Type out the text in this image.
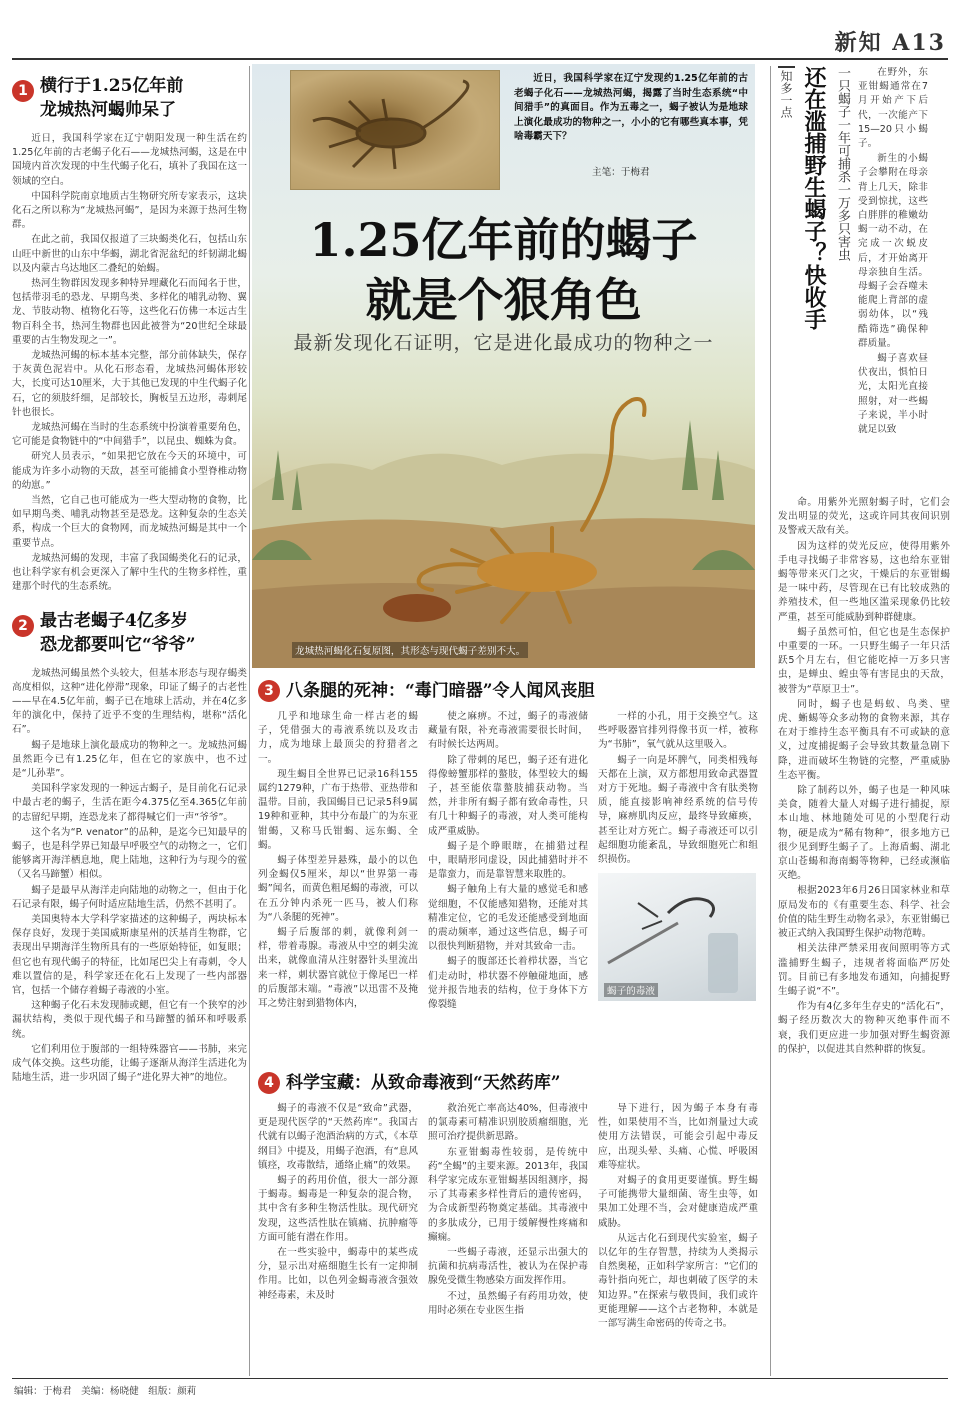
新知 A13
1 横行于1.25亿年前
龙城热河蝎帅呆了

近日，我国科学家在辽宁朝阳发现一种生活在约1.25亿年前的古老蝎子化石——龙城热河蝎，这是在中国境内首次发现的中生代蝎子化石，填补了我国在这一领域的空白。

中国科学院南京地质古生物研究所专家表示，这块化石之所以称为“龙城热河蝎”，是因为来源于热河生物群。

在此之前，我国仅报道了三块蝎类化石，包括山东山旺中新世的山东中华蝎，湖北省泥盆纪的纤韧湖北蝎以及内蒙古乌达地区二叠纪的始蝎。

热河生物群因发现多种特异埋藏化石而闻名于世，包括带羽毛的恐龙、早期鸟类、多样化的哺乳动物、翼龙、节肢动物、植物化石等，这些化石仿佛一本远古生物百科全书，热河生物群也因此被誉为“20世纪全球最重要的古生物发现之一”。

龙城热河蝎的标本基本完整，部分前体缺失，保存于灰黄色泥岩中。从化石形态看，龙城热河蝎体形较大，长度可达10厘米，大于其他已发现的中生代蝎子化石，它的须肢纤细，足部较长，胸板呈五边形，毒刺尾针也很长。

龙城热河蝎在当时的生态系统中扮演着重要角色，它可能是食物链中的“中间猎手”，以昆虫、蜘蛛为食。

研究人员表示，“如果把它放在今天的环境中，可能成为许多小动物的天敌，甚至可能捕食小型脊椎动物的幼崽。”

当然，它自己也可能成为一些大型动物的食物，比如早期鸟类、哺乳动物甚至是恐龙。这种复杂的生态关系，构成一个巨大的食物网，而龙城热河蝎是其中一个重要节点。

龙城热河蝎的发现，丰富了我国蝎类化石的记录，也让科学家有机会更深入了解中生代的生物多样性，重建那个时代的生态系统。

2 最古老蝎子4亿多岁
恐龙都要叫它“爷爷”

龙城热河蝎虽然个头较大，但基本形态与现存蝎类高度相似，这种“进化停滞”现象，印证了蝎子的古老性——早在4.5亿年前，蝎子已在地球上活动，并在4亿多年的演化中，保持了近乎不变的生理结构，堪称“活化石”。

蝎子是地球上演化最成功的物种之一。龙城热河蝎虽然距今已有1.25亿年，但在它的家族中，也不过是“儿孙辈”。

美国科学家发现的一种远古蝎子，是目前化石记录中最古老的蝎子，生活在距今4.375亿至4.365亿年前的志留纪早期，连恐龙来了都得喊它们一声“爷爷”。

这个名为“P. venator”的品种，是迄今已知最早的蝎子，也是科学界已知最早呼吸空气的动物之一，它们能够离开海洋栖息地，爬上陆地，这种行为与现今的鲎（又名马蹄蟹）相似。

蝎子是最早从海洋走向陆地的动物之一，但由于化石记录有限，蝎子何时适应陆地生活，仍然不甚明了。

美国奥特本大学科学家描述的这种蝎子，两块标本保存良好，发现于美国威斯康星州的沃基肖生物群，它表现出早期海洋生物所具有的一些原始特征，如复眼；但它也有现代蝎子的特征，比如尾巴尖上有毒刺，令人难以置信的是，科学家还在化石上发现了一些内部器官，包括一个储存着蝎子毒液的小室。

这种蝎子化石未发现肺或鳃，但它有一个狭窄的沙漏状结构，类似于现代蝎子和马蹄蟹的循环和呼吸系统。

它们利用位于腹部的一组特殊器官——书肺，来完成气体交换。这些功能，让蝎子逐渐从海洋生活进化为陆地生活，进一步巩固了蝎子“进化界大神”的地位。

近日，我国科学家在辽宁发现约1.25亿年前的古老蝎子化石——龙城热河蝎，揭露了当时生态系统“中间猎手”的真面目。作为五毒之一，蝎子被认为是地球上演化最成功的物种之一，小小的它有哪些真本事，凭啥毒霸天下？
主笔：于梅君
1.25亿年前的蝎子
就是个狠角色
最新发现化石证明，它是进化最成功的物种之一
龙城热河蝎化石复原图，其形态与现代蝎子差别不大。
3 八条腿的死神：“毒门暗器”令人闻风丧胆

几乎和地球生命一样古老的蝎子，凭借强大的毒液系统以及攻击力，成为地球上最顶尖的狩猎者之一。

现生蝎目全世界已记录16科155属约1279种，广布于热带、亚热带和温带。目前，我国蝎目已记录5科9属19种和亚种，其中分布最广的为东亚钳蝎，又称马氏钳蝎、远东蝎、全蝎。

蝎子体型差异悬殊，最小的以色列金蝎仅5厘米，却以“世界第一毒蝎”闻名，而黄色粗尾蝎的毒液，可以在五分钟内杀死一匹马，被人们称为“八条腿的死神”。

蝎子后腹部的刺，就像利剑一样，带着毒腺。毒液从中空的刺尖流出来，就像血清从注射器针头里流出来一样，刺状器官就位于像尾巴一样的后腹部末端。“毒液”以迅雷不及掩耳之势注射到猎物体内，

使之麻痹。不过，蝎子的毒液储藏量有限，补充毒液需要很长时间，有时候长达两周。

除了带刺的尾巴，蝎子还有进化得像螃蟹那样的螯肢，体型较大的蝎子，甚至能依靠螯肢捕获动物。当然，并非所有蝎子都有致命毒性，只有几十种蝎子的毒液，对人类可能构成严重威胁。

蝎子是个睁眼瞎，在捕猎过程中，眼睛形同虚设，因此捕猎时并不是靠蛮力，而是靠智慧来取胜的。

蝎子触角上有大量的感觉毛和感觉细胞，不仅能感知猎物，还能对其精准定位，它的毛发还能感受到地面的震动频率，通过这些信息，蝎子可以很快判断猎物，并对其致命一击。

蝎子的腹部还长着栉状器，当它们走动时，栉状器不停触碰地面，感觉并报告地表的结构，位于身体下方像裂缝

一样的小孔，用于交换空气。这些呼吸器官排列得像书页一样，被称为“书肺”，氧气就从这里吸入。

蝎子一向是坏脾气，同类相残每天都在上演，双方都想用致命武器置对方于死地。蝎子毒液中含有肽类物质，能直接影响神经系统的信号传导，麻痹肌肉反应，最终导致瘫痪，甚至让对方死亡。蝎子毒液还可以引起细胞功能紊乱，导致细胞死亡和组织损伤。

蝎子的毒液
4 科学宝藏：从致命毒液到“天然药库”

蝎子的毒液不仅是“致命”武器，更是现代医学的“天然药库”。我国古代就有以蝎子泡酒治病的方式，《本草纲目》中提及，用蝎子泡酒，有“息风镇痉，攻毒散结，通络止痛”的效果。

蝎子的药用价值，很大一部分源于蝎毒。蝎毒是一种复杂的混合物，其中含有多种生物活性肽。现代研究发现，这些活性肽在镇痛、抗肿瘤等方面可能有潜在作用。

在一些实验中，蝎毒中的某些成分，显示出对癌细胞生长有一定抑制作用。比如，以色列金蝎毒液含强效神经毒素，未及时

救治死亡率高达40%，但毒液中的氯毒素可精准识别胶质瘤细胞，光照可治疗提供新思路。

东亚钳蝎毒性较弱，是传统中药“全蝎”的主要来源。2013年，我国科学家完成东亚钳蝎基因组测序，揭示了其毒素多样性背后的遗传密码，为合成新型药物奠定基础。其毒液中的多肽成分，已用于缓解慢性疼痛和癫痫。

一些蝎子毒液，还显示出强大的抗菌和抗病毒活性，被认为在保护毒腺免受微生物感染方面发挥作用。

不过，虽然蝎子有药用功效，使用时必须在专业医生指

导下进行，因为蝎子本身有毒性，如果使用不当，比如剂量过大或使用方法错误，可能会引起中毒反应，出现头晕、头痛、心慌、呼吸困难等症状。

对蝎子的食用更要谨慎。野生蝎子可能携带大量细菌、寄生虫等，如果加工处理不当，会对健康造成严重威胁。

从远古化石到现代实验室，蝎子以亿年的生存智慧，持续为人类揭示自然奥秘，正如科学家所言：“它们的毒针指向死亡，却也刺破了医学的未知边界。”在探索与敬畏间，我们或许更能理解——这个古老物种，本就是一部写满生命密码的传奇之书。

知多一点 还在滥捕野生蝎子？快收手 一只蝎子一年可捕杀一万多只害虫	在野外，东亚钳蝎通常在7月开始产下后代，一次能产下15—20只小蝎子。

新生的小蝎子会攀附在母亲背上几天，除非受到惊扰，这些白胖胖的稚嫩幼蝎一动不动，在完成一次蜕皮后，才开始离开母亲独自生活。母蝎子会吞噬未能爬上背部的虚弱幼体，以“残酷筛选”确保种群质量。

蝎子喜欢昼伏夜出，惧怕日光，太阳光直接照射，对一些蝎子来说，半小时就足以致

命。用紫外光照射蝎子时，它们会发出明显的荧光，这或许同其夜间识别及警戒天敌有关。

因为这样的荧光反应，使得用紫外手电寻找蝎子非常容易，这也给东亚钳蝎等带来灭门之灾，干燥后的东亚钳蝎是一味中药，尽管现在已有比较成熟的养殖技术，但一些地区滥采现象仍比较严重，甚至可能威胁到种群健康。

蝎子虽然可怕，但它也是生态保护中重要的一环。一只野生蝎子一年只活跃5个月左右，但它能吃掉一万多只害虫，是蝉虫、蝗虫等有害昆虫的天敌，被誉为“草原卫士”。

同时，蝎子也是蚂蚁、鸟类、壁虎、蜥蜴等众多动物的食物来源，其存在对于维持生态平衡具有不可或缺的意义，过度捕捉蝎子会导致其数量急剧下降，进而破坏生物链的完整，严重威胁生态平衡。

除了制药以外，蝎子也是一种风味美食，随着大量人对蝎子进行捕捉，原本山地、林地随处可见的小型爬行动物，硬是成为“稀有物种”，很多地方已很少见到野生蝎子了。上海盾蝎、湖北京山苍蝎和海南蝎等物种，已经或濒临灭绝。

根据2023年6月26日国家林业和草原局发布的《有重要生态、科学、社会价值的陆生野生动物名录》，东亚钳蝎已被正式纳入我国野生保护动物范畴。

相关法律严禁采用夜间照明等方式滥捕野生蝎子，违规者将面临严厉处罚。目前已有多地发布通知，向捕捉野生蝎子说“不”。

作为有4亿多年生存史的“活化石”，蝎子经历数次大的物种灭绝事件而不衰，我们更应进一步加强对野生蝎资源的保护，以促进其自然种群的恢复。

编辑：于梅君　美编：杨晓健　组版：颜莉
